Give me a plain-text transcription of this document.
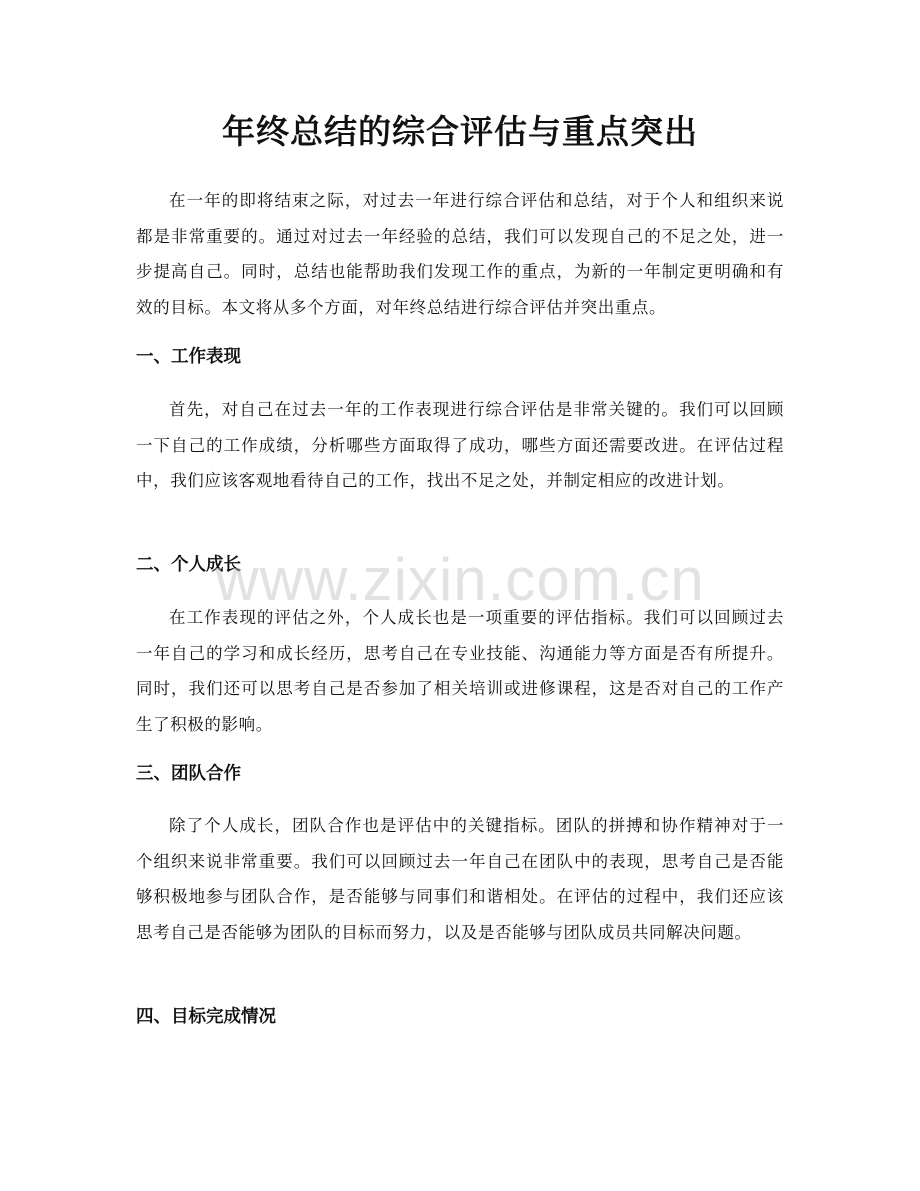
年终总结的综合评估与重点突出

在一年的即将结束之际，对过去一年进行综合评估和总结，对于个人和组织来说都是非常重要的。通过对过去一年经验的总结，我们可以发现自己的不足之处，进一步提高自己。同时，总结也能帮助我们发现工作的重点，为新的一年制定更明确和有效的目标。本文将从多个方面，对年终总结进行综合评估并突出重点。

一、工作表现

首先，对自己在过去一年的工作表现进行综合评估是非常关键的。我们可以回顾一下自己的工作成绩，分析哪些方面取得了成功，哪些方面还需要改进。在评估过程中，我们应该客观地看待自己的工作，找出不足之处，并制定相应的改进计划。

二、个人成长

在工作表现的评估之外，个人成长也是一项重要的评估指标。我们可以回顾过去一年自己的学习和成长经历，思考自己在专业技能、沟通能力等方面是否有所提升。同时，我们还可以思考自己是否参加了相关培训或进修课程，这是否对自己的工作产生了积极的影响。

三、团队合作

除了个人成长，团队合作也是评估中的关键指标。团队的拼搏和协作精神对于一个组织来说非常重要。我们可以回顾过去一年自己在团队中的表现，思考自己是否能够积极地参与团队合作，是否能够与同事们和谐相处。在评估的过程中，我们还应该思考自己是否能够为团队的目标而努力，以及是否能够与团队成员共同解决问题。

四、目标完成情况
www.zixin.com.cn
